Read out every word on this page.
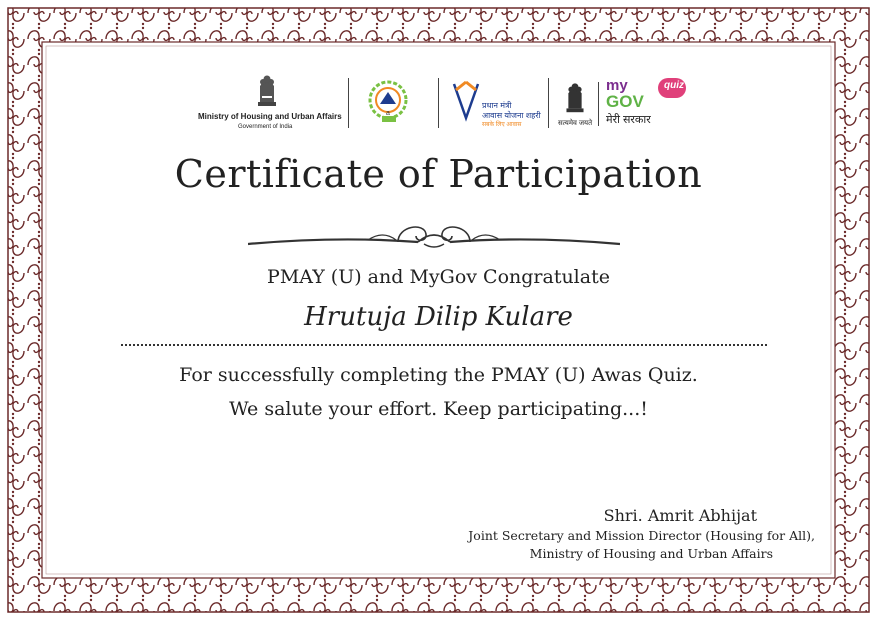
Ministry of Housing and Urban Affairs
Government of India
a
प्रधान मंत्री
आवास योजना शहरी
सबके लिए आवास	सत्यमेव जयते
my
GOV
quiz
मेरी सरकार
Certificate of Participation
PMAY (U) and MyGov Congratulate
Hrutuja Dilip Kulare
For successfully completing the PMAY (U) Awas Quiz.
We salute your effort. Keep participating...!
Shri. Amrit Abhijat
Joint Secretary and Mission Director (Housing for All),
Ministry of Housing and Urban Affairs
